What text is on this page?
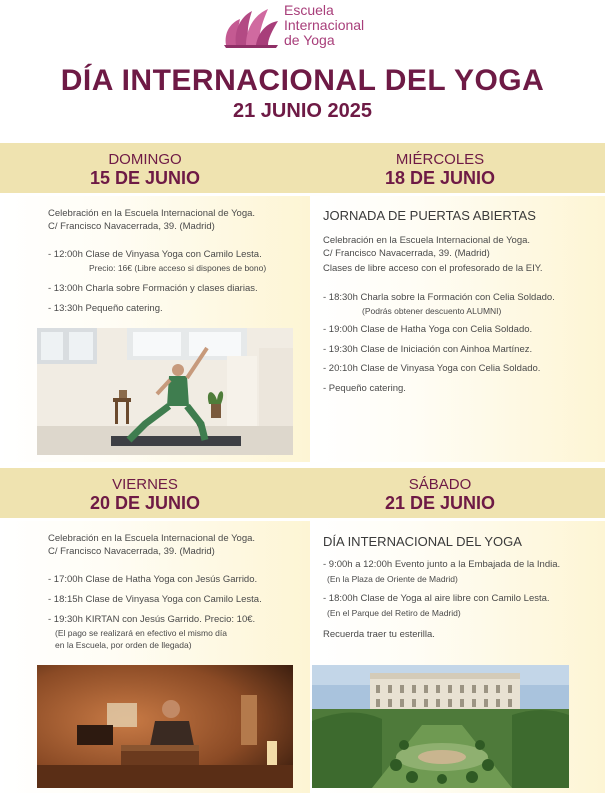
Escuela
Internacional
de Yoga
DÍA INTERNACIONAL DEL YOGA
21 JUNIO 2025
DOMINGO
15 DE JUNIO
MIÉRCOLES
18 DE JUNIO
Celebración en la Escuela Internacional de Yoga.
C/ Francisco Navacerrada, 39. (Madrid)
- 12:00h Clase de Vinyasa Yoga con Camilo Lesta.
Precio: 16€ (Libre acceso si dispones de bono)
- 13:00h Charla sobre Formación y clases diarias.
- 13:30h Pequeño catering.
JORNADA DE PUERTAS ABIERTAS
Celebración en la Escuela Internacional de Yoga.
C/ Francisco Navacerrada, 39. (Madrid)
Clases de libre acceso con el profesorado de la EIY.
- 18:30h Charla sobre la Formación con Celia Soldado.
(Podrás obtener descuento ALUMNI)
- 19:00h Clase de Hatha Yoga con Celia Soldado.
- 19:30h Clase de Iniciación con Ainhoa Martínez.
- 20:10h Clase de Vinyasa Yoga con Celia Soldado.
- Pequeño catering.
VIERNES
20 DE JUNIO
SÁBADO
21 DE JUNIO
Celebración en la Escuela Internacional de Yoga.
C/ Francisco Navacerrada, 39. (Madrid)
- 17:00h Clase de Hatha Yoga con Jesús Garrido.
- 18:15h Clase de Vinyasa Yoga con Camilo Lesta.
- 19:30h KIRTAN con Jesús Garrido. Precio: 10€.
(El pago se realizará en efectivo el mismo día
en la Escuela, por orden de llegada)
DÍA INTERNACIONAL DEL YOGA
- 9:00h a 12:00h Evento junto a la Embajada de la India.
(En la Plaza de Oriente de Madrid)
- 18:00h Clase de Yoga al aire libre con Camilo Lesta.
(En el Parque del Retiro de Madrid)
Recuerda traer tu esterilla.
